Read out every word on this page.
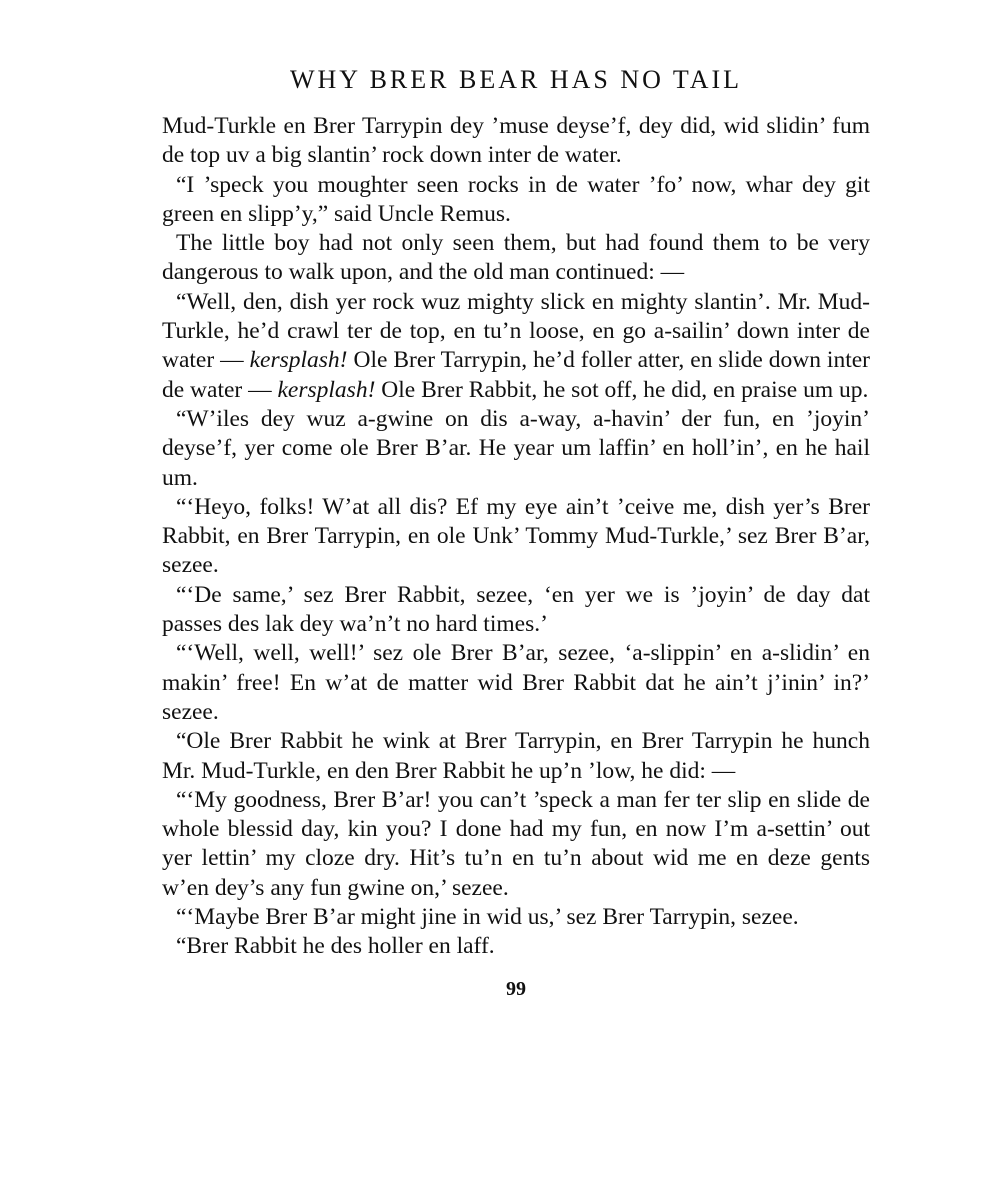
WHY BRER BEAR HAS NO TAIL

Mud-Turkle en Brer Tarrypin dey ’muse deyse’f, dey did, wid slidin’ fum de top uv a big slantin’ rock down inter de water.

“I ’speck you moughter seen rocks in de water ’fo’ now, whar dey git green en slipp’y,” said Uncle Remus.

The little boy had not only seen them, but had found them to be very dangerous to walk upon, and the old man continued: —

“Well, den, dish yer rock wuz mighty slick en mighty slantin’. Mr. Mud-Turkle, he’d crawl ter de top, en tu’n loose, en go a-sailin’ down inter de water — kersplash! Ole Brer Tarrypin, he’d foller atter, en slide down inter de water — kersplash! Ole Brer Rabbit, he sot off, he did, en praise um up.

“W’iles dey wuz a-gwine on dis a-way, a-havin’ der fun, en ’joyin’ deyse’f, yer come ole Brer B’ar. He year um laffin’ en holl’in’, en he hail um.

“‘Heyo, folks! W’at all dis? Ef my eye ain’t ’ceive me, dish yer’s Brer Rabbit, en Brer Tarrypin, en ole Unk’ Tommy Mud-Turkle,’ sez Brer B’ar, sezee.

“‘De same,’ sez Brer Rabbit, sezee, ‘en yer we is ’joyin’ de day dat passes des lak dey wa’n’t no hard times.’

“‘Well, well, well!’ sez ole Brer B’ar, sezee, ‘a-slippin’ en a-slidin’ en makin’ free! En w’at de matter wid Brer Rabbit dat he ain’t j’inin’ in?’ sezee.

“Ole Brer Rabbit he wink at Brer Tarrypin, en Brer Tarrypin he hunch Mr. Mud-Turkle, en den Brer Rabbit he up’n ’low, he did: —

“‘My goodness, Brer B’ar! you can’t ’speck a man fer ter slip en slide de whole blessid day, kin you? I done had my fun, en now I’m a-settin’ out yer lettin’ my cloze dry. Hit’s tu’n en tu’n about wid me en deze gents w’en dey’s any fun gwine on,’ sezee.

“‘Maybe Brer B’ar might jine in wid us,’ sez Brer Tarrypin, sezee.

“Brer Rabbit he des holler en laff.

99
